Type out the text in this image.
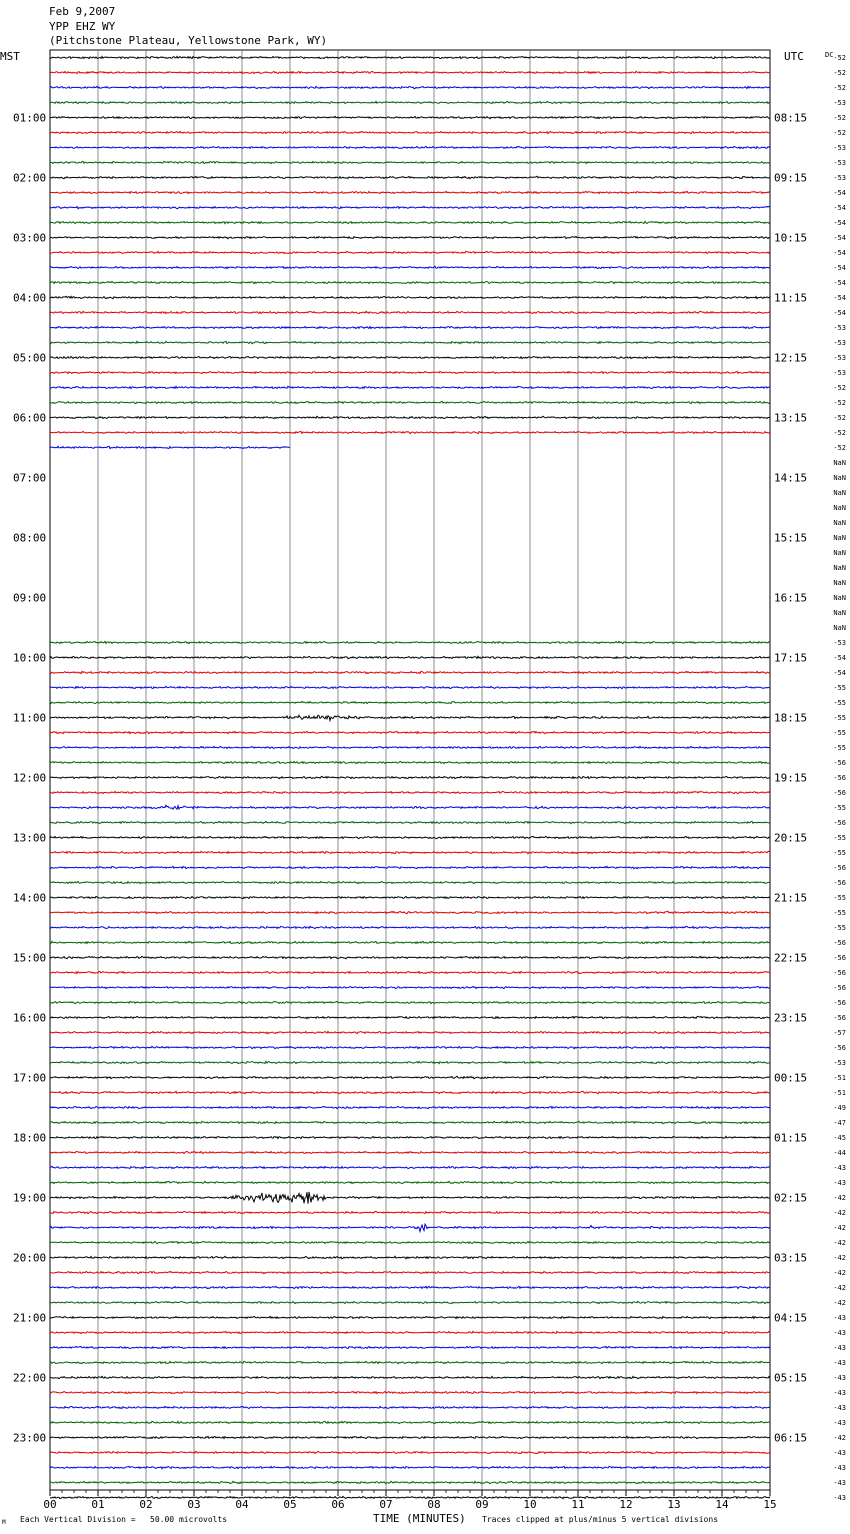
00	01	02	03	04	05	06	07	08	09	10	11	12	13	14	15
01:00
02:00
03:00
04:00
05:00
06:00
07:00
08:00
09:00
10:00
11:00
12:00
13:00
14:00
15:00
16:00
17:00
18:00
19:00
20:00
21:00
22:00
23:00
08:15
09:15
10:15
11:15
12:15
13:15
14:15
15:15
16:15
17:15
18:15
19:15
20:15
21:15
22:15
23:15
00:15
01:15
02:15
03:15
04:15
05:15
06:15
DC -52
-52
-52
-53
-52
-52
-53
-53
-53
-54
-54
-54
-54
-54
-54
-54
-54
-54
-53
-53
-53
-53
-52
-52
-52
-52
-52
NaN
NaN
NaN
NaN
NaN
NaN
NaN
NaN
NaN
NaN
NaN
NaN
-53
-54
-54
-55
-55
-55
-55
-55
-56
-56
-56
-55
-56
-55
-55
-56
-56
-55
-55
-55
-56
-56
-56
-56
-56
-56
-57
-56
-53
-51
-51
-49
-47
-45
-44
-43
-43
-42
-42
-42
-42
-42
-42
-42
-42
-43
-43
-43
-43
-43
-43
-43
-43
-42
-43
-43
-43
-43
Feb 9,2007
YPP EHZ WY
(Pitchstone Plateau, Yellowstone Park, WY)
MST	UTC
M Each Vertical Division =   50.00 microvolts	TIME (MINUTES) Traces clipped at plus/minus 5 vertical divisions
